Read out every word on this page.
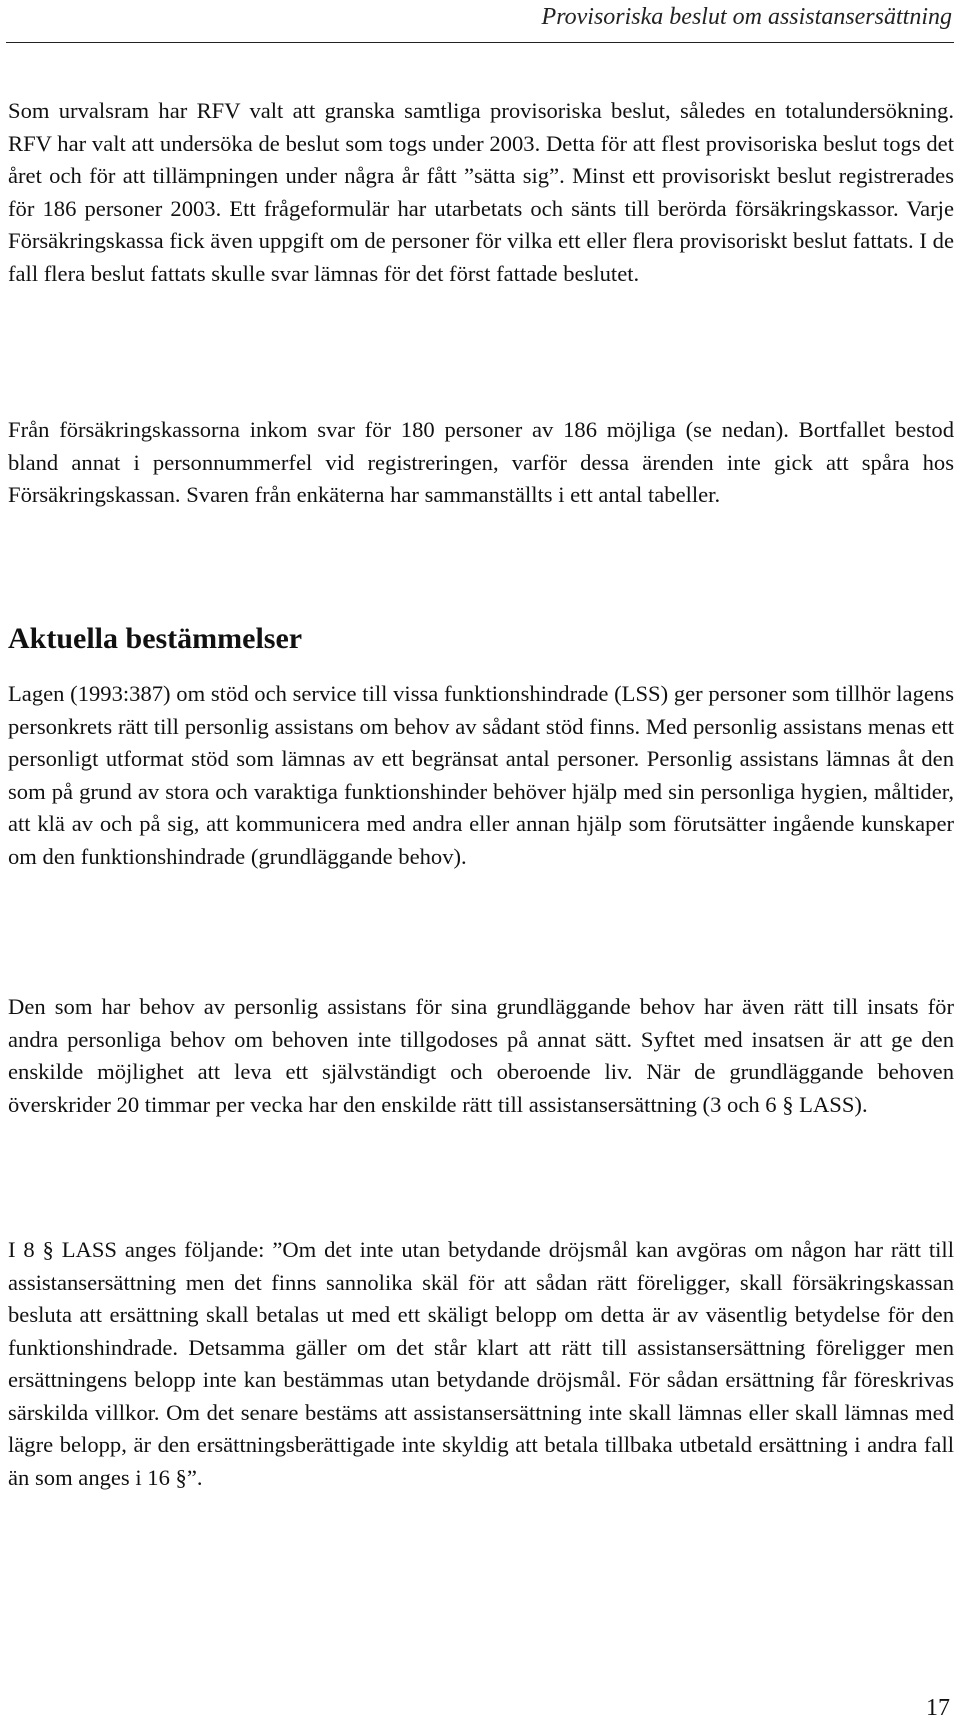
Provisoriska beslut om assistansersättning

Som urvalsram har RFV valt att granska samtliga provisoriska beslut, således en totalundersökning. RFV har valt att undersöka de beslut som togs under 2003. Detta för att flest provisoriska beslut togs det året och för att tillämpningen under några år fått ”sätta sig”. Minst ett provisoriskt beslut registrerades för 186 personer 2003. Ett frågeformulär har utarbetats och sänts till berörda försäkringskassor. Varje Försäkringskassa fick även uppgift om de personer för vilka ett eller flera provisoriskt beslut fattats. I de fall flera beslut fattats skulle svar lämnas för det först fattade beslutet.

Från försäkringskassorna inkom svar för 180 personer av 186 möjliga (se nedan). Bortfallet bestod bland annat i personnummerfel vid registreringen, varför dessa ärenden inte gick att spåra hos Försäkringskassan. Svaren från enkäterna har sammanställts i ett antal tabeller.

Aktuella bestämmelser

Lagen (1993:387) om stöd och service till vissa funktionshindrade (LSS) ger personer som tillhör lagens personkrets rätt till personlig assistans om behov av sådant stöd finns. Med personlig assistans menas ett personligt utformat stöd som lämnas av ett begränsat antal personer. Personlig assistans lämnas åt den som på grund av stora och varaktiga funktionshinder behöver hjälp med sin personliga hygien, måltider, att klä av och på sig, att kommunicera med andra eller annan hjälp som förutsätter ingående kunskaper om den funktionshindrade (grundläggande behov).

Den som har behov av personlig assistans för sina grundläggande behov har även rätt till insats för andra personliga behov om behoven inte tillgodoses på annat sätt. Syftet med insatsen är att ge den enskilde möjlighet att leva ett självständigt och oberoende liv. När de grundläggande behoven överskrider 20 timmar per vecka har den enskilde rätt till assistansersättning (3 och 6 § LASS).

I 8 § LASS anges följande: ”Om det inte utan betydande dröjsmål kan avgöras om någon har rätt till assistansersättning men det finns sannolika skäl för att sådan rätt föreligger, skall försäkringskassan besluta att ersättning skall betalas ut med ett skäligt belopp om detta är av väsentlig betydelse för den funktionshindrade. Detsamma gäller om det står klart att rätt till assistansersättning föreligger men ersättningens belopp inte kan bestämmas utan betydande dröjsmål. För sådan ersättning får föreskrivas särskilda villkor. Om det senare bestäms att assistansersättning inte skall lämnas eller skall lämnas med lägre belopp, är den ersättningsberättigade inte skyldig att betala tillbaka utbetald ersättning i andra fall än som anges i 16 §”.

17
